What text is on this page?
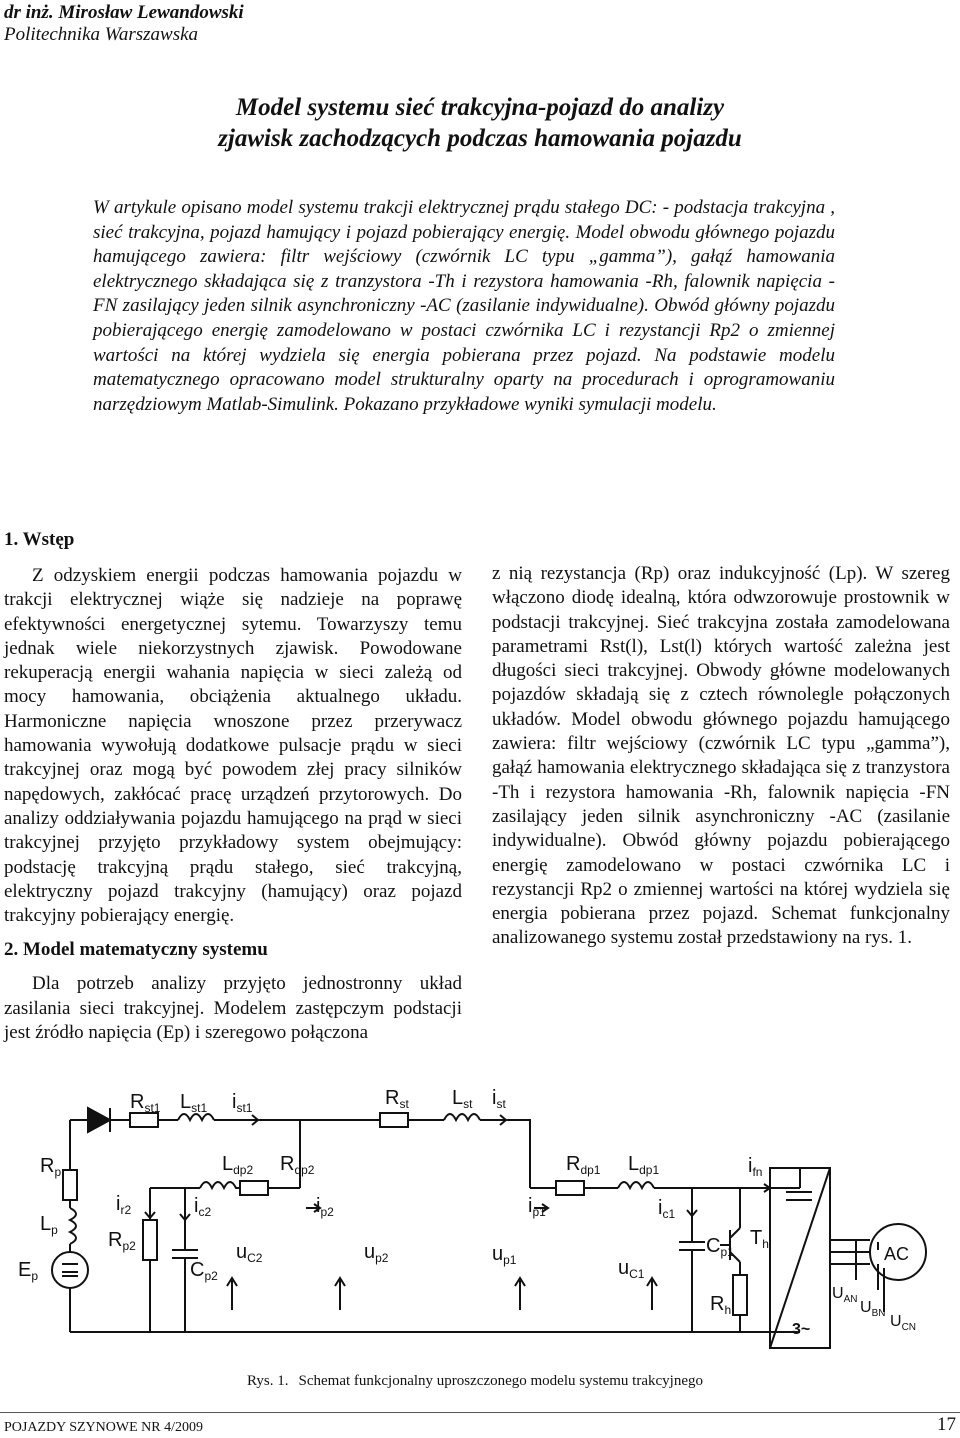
dr inż. Mirosław Lewandowski
Politechnika Warszawska
Model systemu sieć trakcyjna-pojazd do analizy
zjawisk zachodzących podczas hamowania pojazdu
W artykule opisano model systemu trakcji elektrycznej prądu stałego DC: - podstacja trakcyjna , sieć trakcyjna, pojazd hamujący i pojazd pobierający energię. Model obwodu głównego pojazdu hamującego zawiera: filtr wejściowy (czwórnik LC typu „gamma”), gałąź hamowania elektrycznego składająca się z tranzystora -Th i rezystora hamowania -Rh, falownik napięcia -FN zasilający jeden silnik asynchroniczny -AC (zasilanie indywidualne). Obwód główny pojazdu pobierającego energię zamodelowano w postaci czwórnika LC i rezystancji Rp2 o zmiennej wartości na której wydziela się energia pobierana przez pojazd. Na podstawie modelu matematycznego opracowano model strukturalny oparty na procedurach i oprogramowaniu narzędziowym Matlab-Simulink. Pokazano przykładowe wyniki symulacji modelu.
1. Wstęp
Z odzyskiem energii podczas hamowania pojazdu w trakcji elektrycznej wiąże się nadzieje na poprawę efektywności energetycznej sytemu. Towarzyszy temu jednak wiele niekorzystnych zjawisk. Powodowane rekuperacją energii wahania napięcia w sieci zależą od mocy hamowania, obciążenia aktualnego układu. Harmoniczne napięcia wnoszone przez przerywacz hamowania wywołują dodatkowe pulsacje prądu w sieci trakcyjnej oraz mogą być powodem złej pracy silników napędowych, zakłócać pracę urządzeń przytorowych. Do analizy oddziaływania pojazdu hamującego na prąd w sieci trakcyjnej przyjęto przykładowy system obejmujący: podstację trakcyjną prądu stałego, sieć trakcyjną, elektryczny pojazd trakcyjny (hamujący) oraz pojazd trakcyjny pobierający energię.
2. Model matematyczny systemu
Dla potrzeb analizy przyjęto jednostronny układ zasilania sieci trakcyjnej. Modelem zastępczym podstacji jest źródło napięcia (Ep) i szeregowo połączona
z nią rezystancja (Rp) oraz indukcyjność (Lp). W szereg włączono diodę idealną, która odwzorowuje prostownik w podstacji trakcyjnej. Sieć trakcyjna została zamodelowana parametrami Rst(l), Lst(l) których wartość zależna jest długości sieci trakcyjnej. Obwody główne modelowanych pojazdów składają się z cztech równolegle połączonych układów. Model obwodu głównego pojazdu hamującego zawiera: filtr wejściowy (czwórnik LC typu „gamma”), gałąź hamowania elektrycznego składająca się z tranzystora -Th i rezystora hamowania -Rh, falownik napięcia -FN zasilający jeden silnik asynchroniczny -AC (zasilanie indywidualne). Obwód główny pojazdu pobierającego energię zamodelowano w postaci czwórnika LC i rezystancji Rp2 o zmiennej wartości na której wydziela się energia pobierana przez pojazd. Schemat funkcjonalny analizowanego systemu został przedstawiony na rys. 1.
$R_{st1}$ $L_{st1}$ $i_{st1}$	$R_{st}$ $L_{st}$ $i_{st}$
$R_p$
$L_p$
$E_p$
$L_{dp2}$ $R_{dp2}$
$i_{r2}$	$i_{c2}$	$i_{p2}$
$R_{p2}$
$C_{p2}$
$u_{C2}$	$u_{p2}$
$R_{dp1}$ $L_{dp1}$	$i_{fn}$
$i_{p1}$	$i_{c1}$
$u_{p1}$	$u_{C1}$
$C_{p1}$
$T_h$
$R_h$
$U_{AN}$ $U_{BN}$ $U_{CN}$
AC
3~
Rys. 1. Schemat funkcjonalny uproszczonego modelu systemu trakcyjnego
POJAZDY SZYNOWE NR 4/2009	17
